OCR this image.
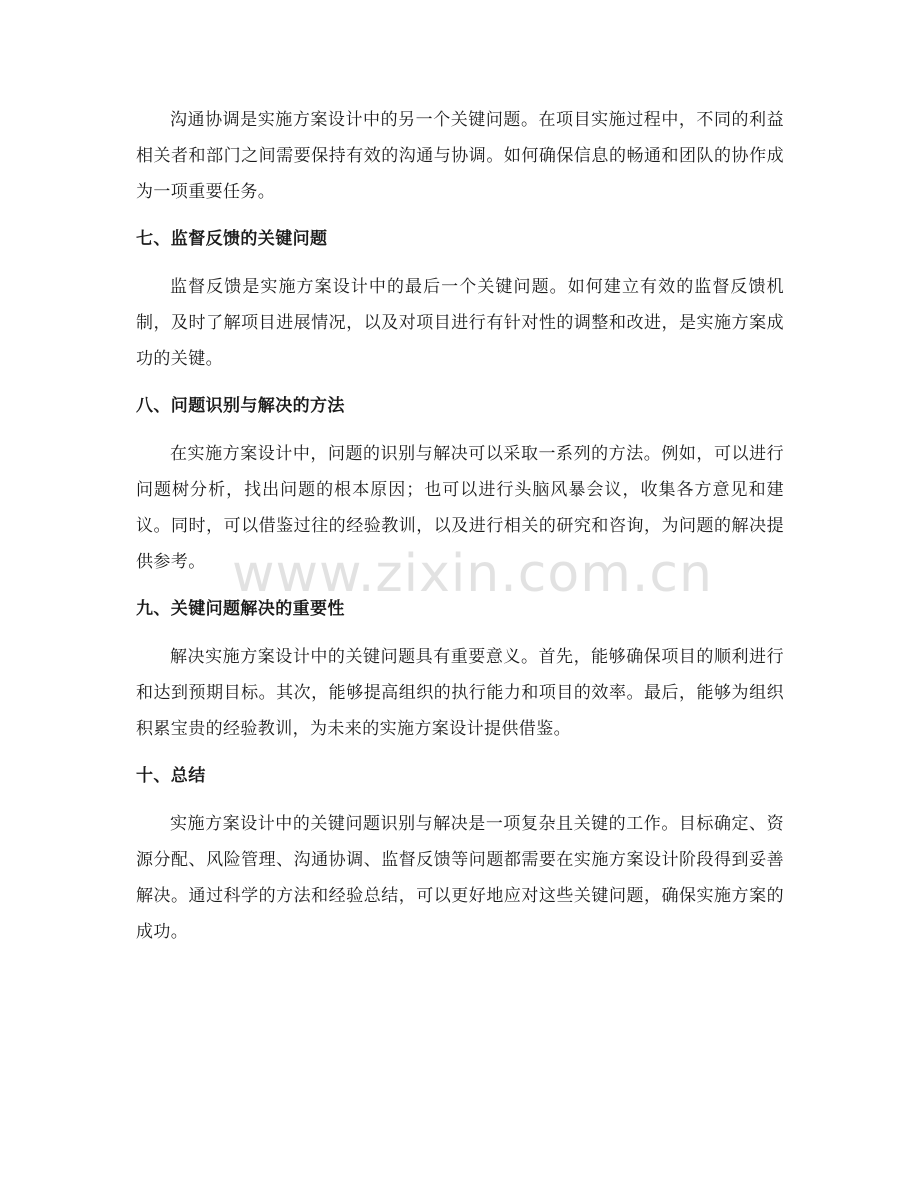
沟通协调是实施方案设计中的另一个关键问题。在项目实施过程中，不同的利益相关者和部门之间需要保持有效的沟通与协调。如何确保信息的畅通和团队的协作成为一项重要任务。

七、监督反馈的关键问题

监督反馈是实施方案设计中的最后一个关键问题。如何建立有效的监督反馈机制，及时了解项目进展情况，以及对项目进行有针对性的调整和改进，是实施方案成功的关键。

八、问题识别与解决的方法

在实施方案设计中，问题的识别与解决可以采取一系列的方法。例如，可以进行问题树分析，找出问题的根本原因；也可以进行头脑风暴会议，收集各方意见和建议。同时，可以借鉴过往的经验教训，以及进行相关的研究和咨询，为问题的解决提供参考。

九、关键问题解决的重要性

解决实施方案设计中的关键问题具有重要意义。首先，能够确保项目的顺利进行和达到预期目标。其次，能够提高组织的执行能力和项目的效率。最后，能够为组织积累宝贵的经验教训，为未来的实施方案设计提供借鉴。

十、总结

实施方案设计中的关键问题识别与解决是一项复杂且关键的工作。目标确定、资源分配、风险管理、沟通协调、监督反馈等问题都需要在实施方案设计阶段得到妥善解决。通过科学的方法和经验总结，可以更好地应对这些关键问题，确保实施方案的成功。

www.zixin.com.cn
